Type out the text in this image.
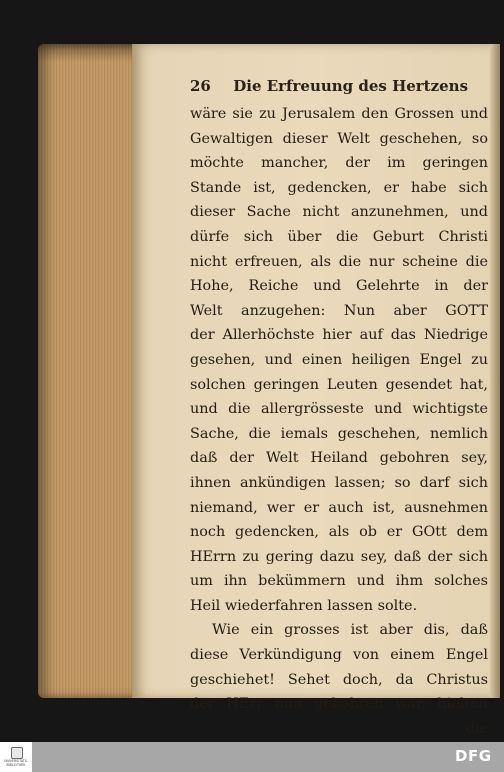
26 Die Erfreuung des Hertzens
wäre sie zu Jerusalem den Grossen und
Gewaltigen dieser Welt geschehen, so
möchte mancher, der im geringen
Stande ist, gedencken, er habe sich
dieser Sache nicht anzunehmen, und
dürfe sich über die Geburt Christi
nicht erfreuen, als die nur scheine die
Hohe, Reiche und Gelehrte in der
Welt anzugehen: Nun aber GOTT
der Allerhöchste hier auf das Niedrige
gesehen, und einen heiligen Engel zu
solchen geringen Leuten gesendet hat,
und die allergrösseste und wichtigste
Sache, die iemals geschehen, nemlich
daß der Welt Heiland gebohren sey,
ihnen ankündigen lassen; so darf sich
niemand, wer er auch ist, ausnehmen
noch gedencken, als ob er GOtt dem
HErrn zu gering dazu sey, daß der sich
um ihn bekümmern und ihm solches
Heil wiederfahren lassen solte.
Wie ein grosses ist aber dis, daß
diese Verkündigung von einem Engel
geschiehet! Sehet doch, da Christus
der HErr nun gebohren war, hielten
die
UNIVERSITÄTS- BIBLIOTHEK	DFG
